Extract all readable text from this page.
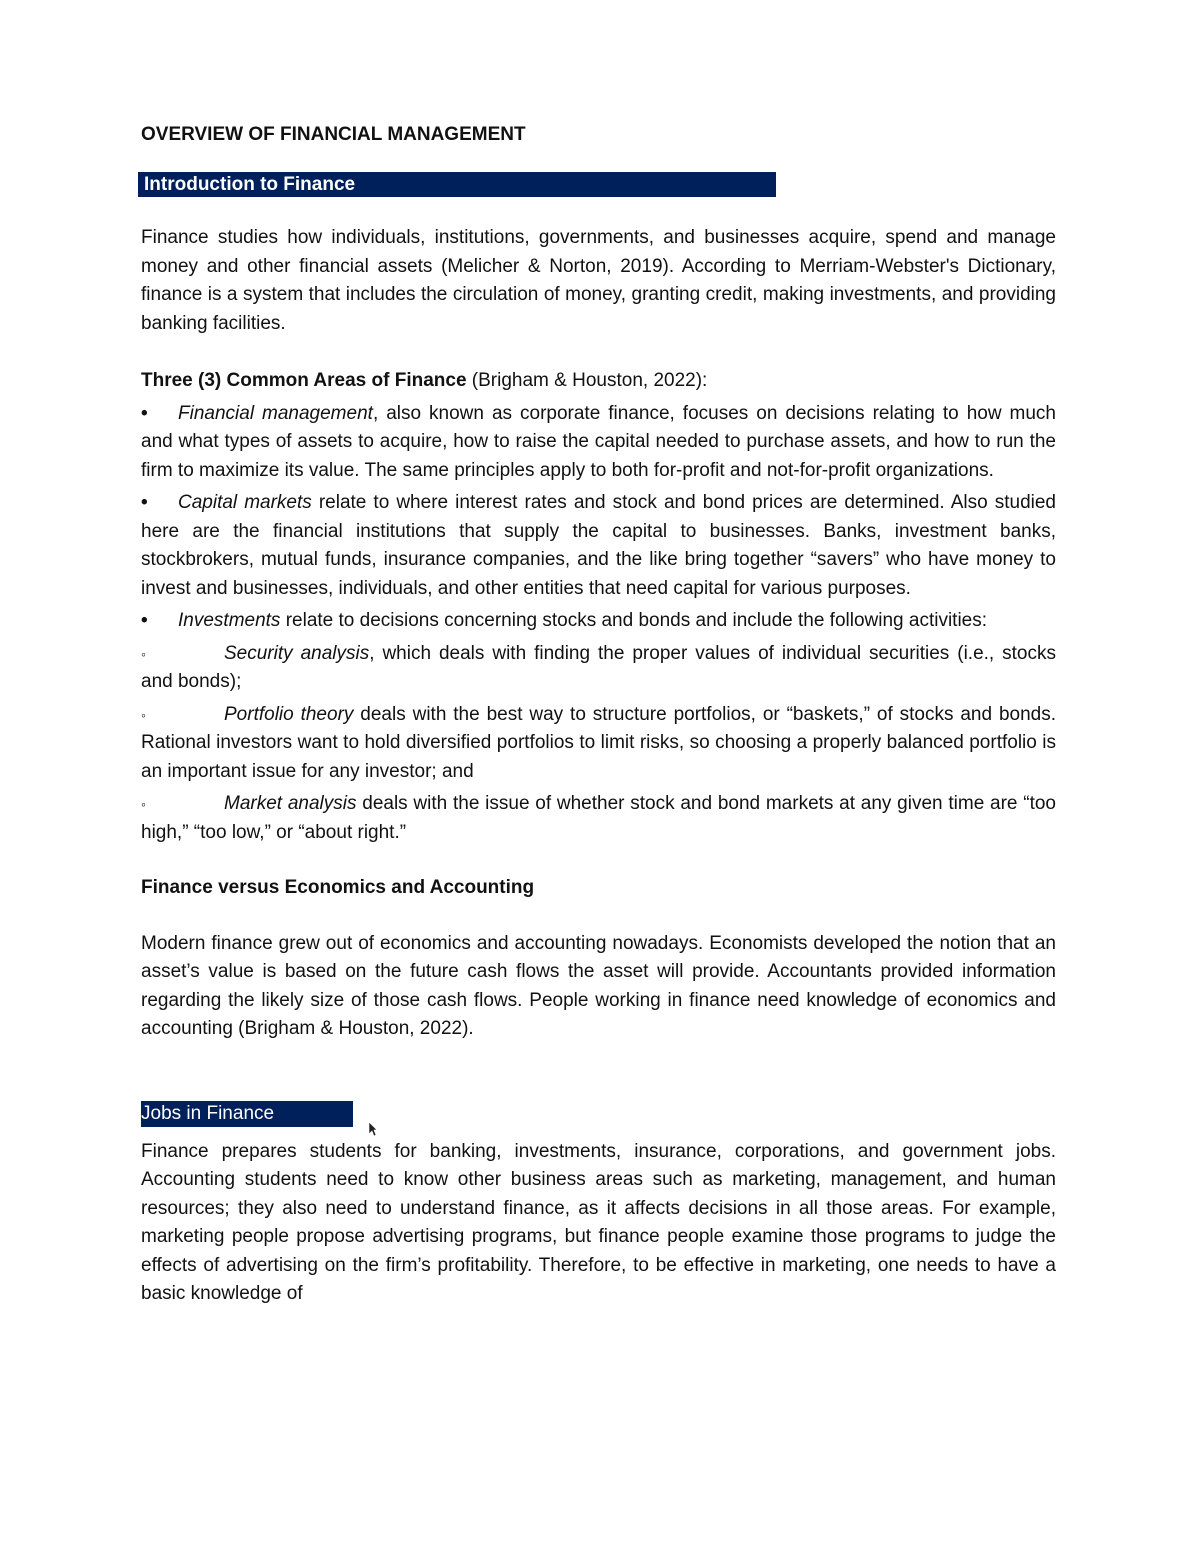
OVERVIEW OF FINANCIAL MANAGEMENT
Introduction to Finance

Finance studies how individuals, institutions, governments, and businesses acquire, spend and manage money and other financial assets (Melicher & Norton, 2019). According to Merriam-Webster's Dictionary, finance is a system that includes the circulation of money, granting credit, making investments, and providing banking facilities.

Three (3) Common Areas of Finance (Brigham & Houston, 2022):

• Financial management, also known as corporate finance, focuses on decisions relating to how much and what types of assets to acquire, how to raise the capital needed to purchase assets, and how to run the firm to maximize its value. The same principles apply to both for-profit and not-for-profit organizations.

• Capital markets relate to where interest rates and stock and bond prices are determined. Also studied here are the financial institutions that supply the capital to businesses. Banks, investment banks, stockbrokers, mutual funds, insurance companies, and the like bring together “savers” who have money to invest and businesses, individuals, and other entities that need capital for various purposes.

• Investments relate to decisions concerning stocks and bonds and include the following activities:

◦	Security analysis, which deals with finding the proper values of individual securities (i.e., stocks and bonds);

◦	Portfolio theory deals with the best way to structure portfolios, or “baskets,” of stocks and bonds. Rational investors want to hold diversified portfolios to limit risks, so choosing a properly balanced portfolio is an important issue for any investor; and

◦	Market analysis deals with the issue of whether stock and bond markets at any given time are “too high,” “too low,” or “about right.”

Finance versus Economics and Accounting

Modern finance grew out of economics and accounting nowadays. Economists developed the notion that an asset’s value is based on the future cash flows the asset will provide. Accountants provided information regarding the likely size of those cash flows. People working in finance need knowledge of economics and accounting (Brigham & Houston, 2022).

Jobs in Finance

Finance prepares students for banking, investments, insurance, corporations, and government jobs. Accounting students need to know other business areas such as marketing, management, and human resources; they also need to understand finance, as it affects decisions in all those areas. For example, marketing people propose advertising programs, but finance people examine those programs to judge the effects of advertising on the firm’s profitability. Therefore, to be effective in marketing, one needs to have a basic knowledge of
